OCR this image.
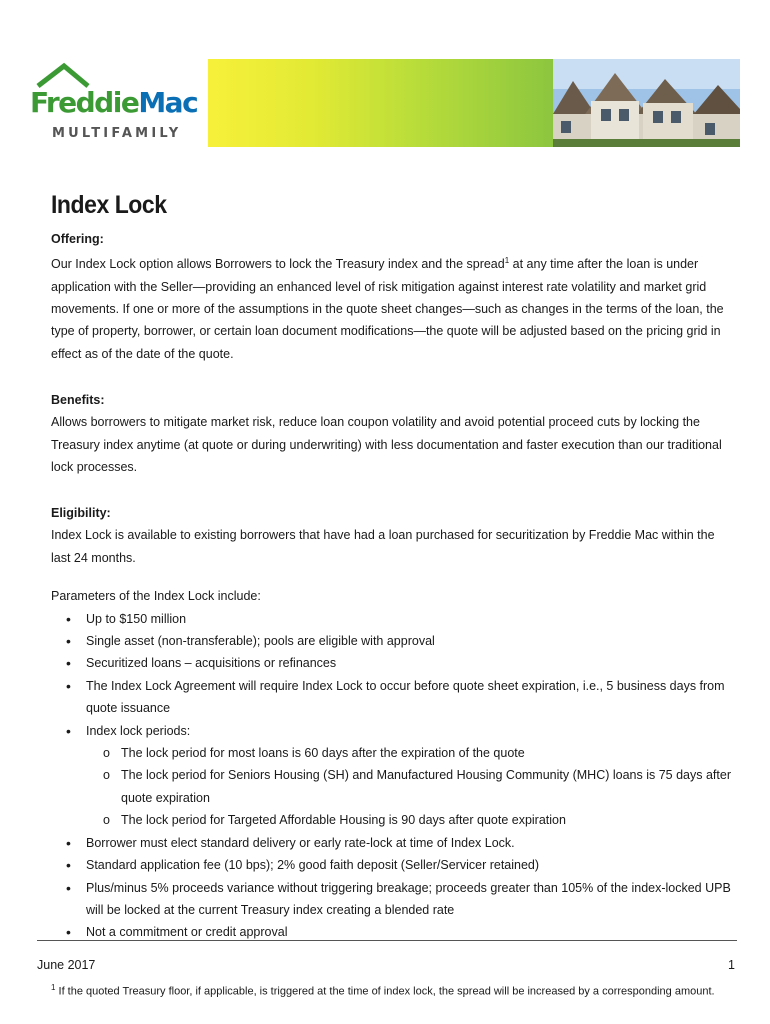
FreddieMac
MULTIFAMILY
Index Lock
Offering:

Our Index Lock option allows Borrowers to lock the Treasury index and the spread$^1$ at any time after the loan is under application with the Seller—providing an enhanced level of risk mitigation against interest rate volatility and market grid movements. If one or more of the assumptions in the quote sheet changes—such as changes in the terms of the loan, the type of property, borrower, or certain loan document modifications—the quote will be adjusted based on the pricing grid in effect as of the date of the quote.

Benefits:

Allows borrowers to mitigate market risk, reduce loan coupon volatility and avoid potential proceed cuts by locking the Treasury index anytime (at quote or during underwriting) with less documentation and faster execution than our traditional lock processes.

Eligibility:

Index Lock is available to existing borrowers that have had a loan purchased for securitization by Freddie Mac within the last 24 months.

Parameters of the Index Lock include:

• Up to $150 million
• Single asset (non-transferable); pools are eligible with approval
• Securitized loans – acquisitions or refinances
• The Index Lock Agreement will require Index Lock to occur before quote sheet expiration, i.e., 5 business days from quote issuance
• Index lock periods:
o The lock period for most loans is 60 days after the expiration of the quote
o The lock period for Seniors Housing (SH) and Manufactured Housing Community (MHC) loans is 75 days after quote expiration
o The lock period for Targeted Affordable Housing is 90 days after quote expiration
• Borrower must elect standard delivery or early rate-lock at time of Index Lock.
• Standard application fee (10 bps); 2% good faith deposit (Seller/Servicer retained)
• Plus/minus 5% proceeds variance without triggering breakage; proceeds greater than 105% of the index-locked UPB will be locked at the current Treasury index creating a blended rate
• Not a commitment or credit approval
$^1$ If the quoted Treasury floor, if applicable, is triggered at the time of index lock, the spread will be increased by a corresponding amount.
June 2017	1
